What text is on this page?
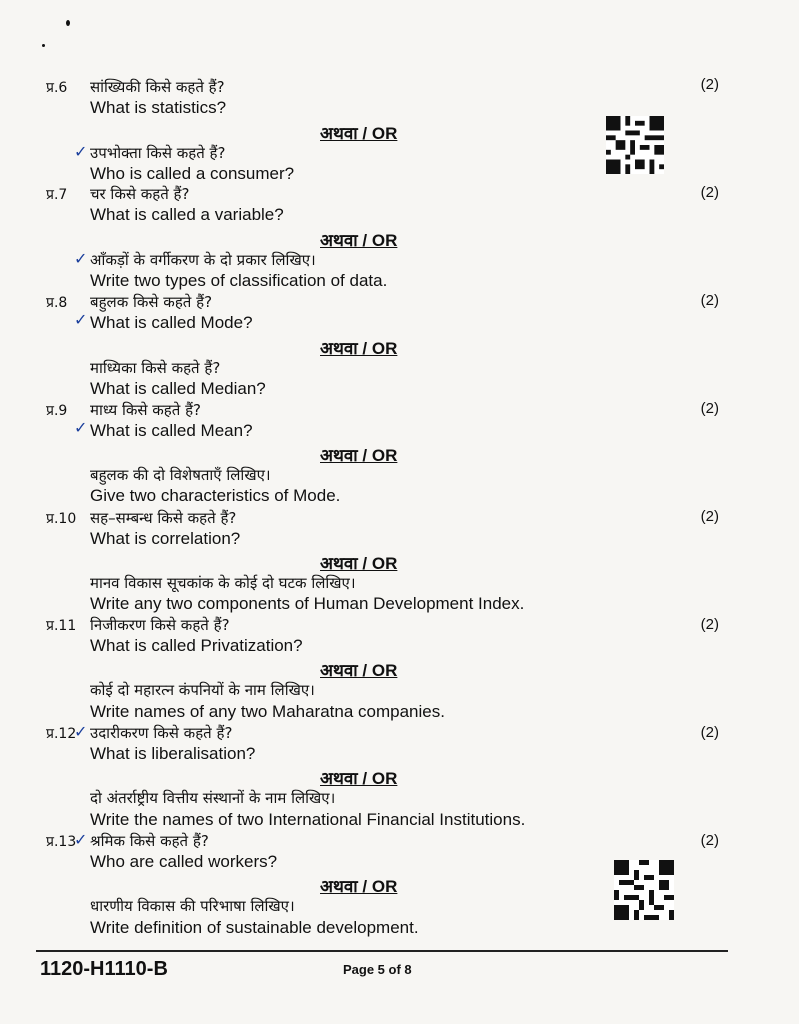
प्र.6 सांख्यिकी किसे कहते हैं?	(2)
What is statistics?
अथवा / OR
उपभोक्ता किसे कहते हैं?
Who is called a consumer?
प्र.7 चर किसे कहते हैं?	(2)
What is called a variable?
अथवा / OR
आँकड़ों के वर्गीकरण के दो प्रकार लिखिए।
Write two types of classification of data.
प्र.8 बहुलक किसे कहते हैं?	(2)
What is called Mode?
अथवा / OR
माध्यिका किसे कहते हैं?
What is called Median?
प्र.9 माध्य किसे कहते हैं?	(2)
What is called Mean?
अथवा / OR
बहुलक की दो विशेषताएँ लिखिए।
Give two characteristics of Mode.
प्र.10 सह–सम्बन्ध किसे कहते हैं?	(2)
What is correlation?
अथवा / OR
मानव विकास सूचकांक के कोई दो घटक लिखिए।
Write any two components of Human Development Index.
प्र.11 निजीकरण किसे कहते हैं?	(2)
What is called Privatization?
अथवा / OR
कोई दो महारत्न कंपनियों के नाम लिखिए।
Write names of any two Maharatna companies.
प्र.12 उदारीकरण किसे कहते हैं?	(2)
What is liberalisation?
अथवा / OR
दो अंतर्राष्ट्रीय वित्तीय संस्थानों के नाम लिखिए।
Write the names of two International Financial Institutions.
प्र.13 श्रमिक किसे कहते हैं?	(2)
Who are called workers?
अथवा / OR
धारणीय विकास की परिभाषा लिखिए।
Write definition of sustainable development.
✓
✓
✓
✓
✓
✓
1120-H1110-B	Page 5 of 8
